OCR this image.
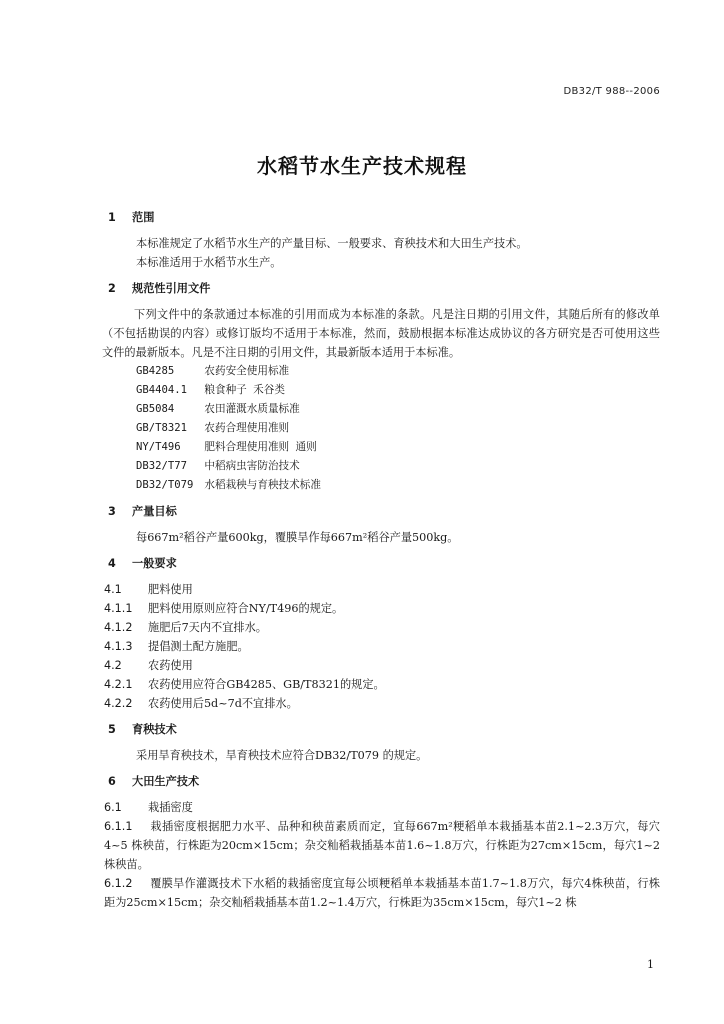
DB32/T 988--2006
水稻节水生产技术规程
1 范围
本标准规定了水稻节水生产的产量目标、一般要求、育秧技术和大田生产技术。
本标准适用于水稻节水生产。
2 规范性引用文件
下列文件中的条款通过本标准的引用而成为本标准的条款。凡是注日期的引用文件，其随后所有的修改单（不包括勘误的内容）或修订版均不适用于本标准，然而，鼓励根据本标准达成协议的各方研究是否可使用这些文件的最新版本。凡是不注日期的引用文件，其最新版本适用于本标准。
GB4285	农药安全使用标准
GB4404.1 粮食种子 禾谷类
GB5084	农田灌溉水质量标准
GB/T8321 农药合理使用准则
NY/T496 肥料合理使用准则 通则
DB32/T77 中稻病虫害防治技术
DB32/T079 水稻栽秧与育秧技术标准
3 产量目标
每667m²稻谷产量600kg，覆膜旱作每667m²稻谷产量500kg。
4 一般要求
4.1 肥料使用
4.1.1 肥料使用原则应符合NY/T496的规定。
4.1.2 施肥后7天内不宜排水。
4.1.3 提倡测土配方施肥。
4.2 农药使用
4.2.1 农药使用应符合GB4285、GB/T8321的规定。
4.2.2 农药使用后5d~7d不宜排水。
5 育秧技术
采用旱育秧技术，旱育秧技术应符合DB32/T079 的规定。
6 大田生产技术
6.1 栽插密度
6.1.1 栽插密度根据肥力水平、品种和秧苗素质而定，宜每667m²粳稻单本栽插基本苗2.1~2.3万穴，每穴4~5 株秧苗，行株距为20cm×15cm；杂交籼稻栽插基本苗1.6~1.8万穴，行株距为27cm×15cm，每穴1~2 株秧苗。
6.1.2 覆膜旱作灌溉技术下水稻的栽插密度宜每公顷粳稻单本栽插基本苗1.7~1.8万穴，每穴4株秧苗，行株距为25cm×15cm；杂交籼稻栽插基本苗1.2~1.4万穴，行株距为35cm×15cm，每穴1~2 株
1
